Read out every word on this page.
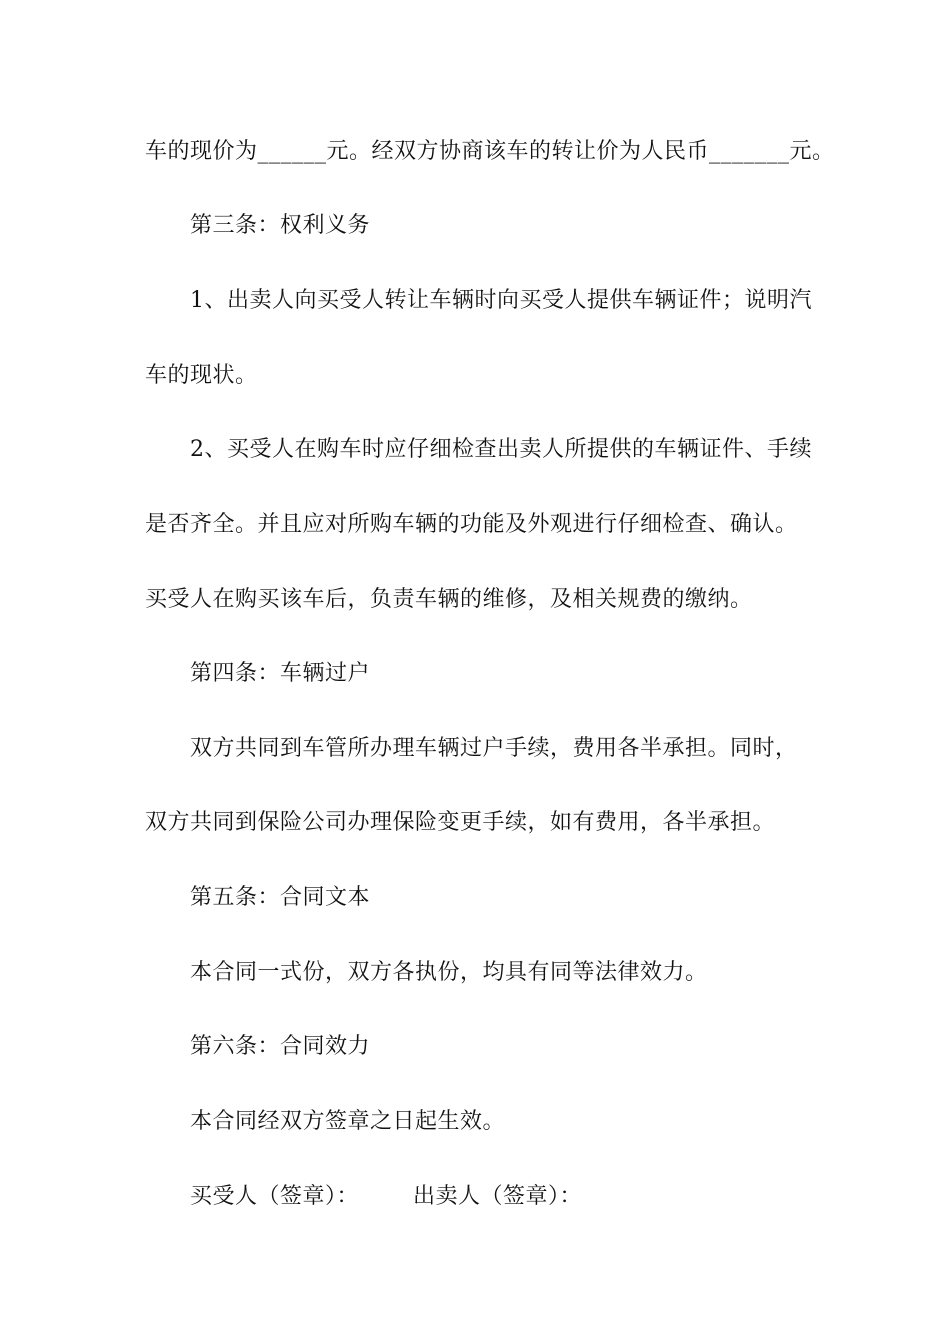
车的现价为______元。经双方协商该车的转让价为人民币_______元。
第三条：权利义务
1、出卖人向买受人转让车辆时向买受人提供车辆证件；说明汽
车的现状。
2、买受人在购车时应仔细检查出卖人所提供的车辆证件、手续
是否齐全。并且应对所购车辆的功能及外观进行仔细检查、确认。
买受人在购买该车后，负责车辆的维修，及相关规费的缴纳。
第四条：车辆过户
双方共同到车管所办理车辆过户手续，费用各半承担。同时，
双方共同到保险公司办理保险变更手续，如有费用，各半承担。
第五条：合同文本
本合同一式份，双方各执份，均具有同等法律效力。
第六条：合同效力
本合同经双方签章之日起生效。
买受人（签章）： 出卖人（签章）：
